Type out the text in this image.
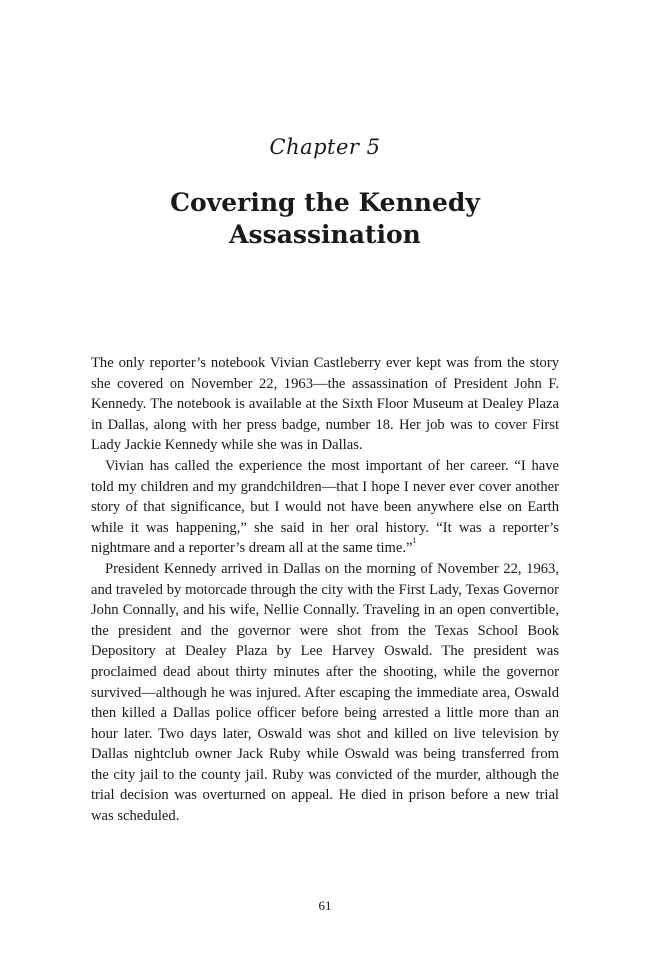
Chapter 5
Covering the Kennedy
Assassination

The only reporter’s notebook Vivian Castleberry ever kept was from the story she covered on November 22, 1963—the assassination of President John F. Kennedy. The notebook is available at the Sixth Floor Museum at Dealey Plaza in Dallas, along with her press badge, number 18. Her job was to cover First Lady Jackie Kennedy while she was in Dallas.

Vivian has called the experience the most important of her career. “I have told my children and my grandchildren—that I hope I never ever cover another story of that significance, but I would not have been anywhere else on Earth while it was happening,” she said in her oral history. “It was a reporter’s nightmare and a reporter’s dream all at the same time.”$^1$

President Kennedy arrived in Dallas on the morning of November 22, 1963, and traveled by motorcade through the city with the First Lady, Texas Governor John Connally, and his wife, Nellie Connally. Traveling in an open convertible, the president and the governor were shot from the Texas School Book Depository at Dealey Plaza by Lee Harvey Oswald. The president was proclaimed dead about thirty minutes after the shooting, while the governor survived—although he was injured. After escaping the immediate area, Oswald then killed a Dallas police officer before being arrested a little more than an hour later. Two days later, Oswald was shot and killed on live television by Dallas nightclub owner Jack Ruby while Oswald was being transferred from the city jail to the county jail. Ruby was convicted of the murder, although the trial decision was overturned on appeal. He died in prison before a new trial was scheduled.

61
